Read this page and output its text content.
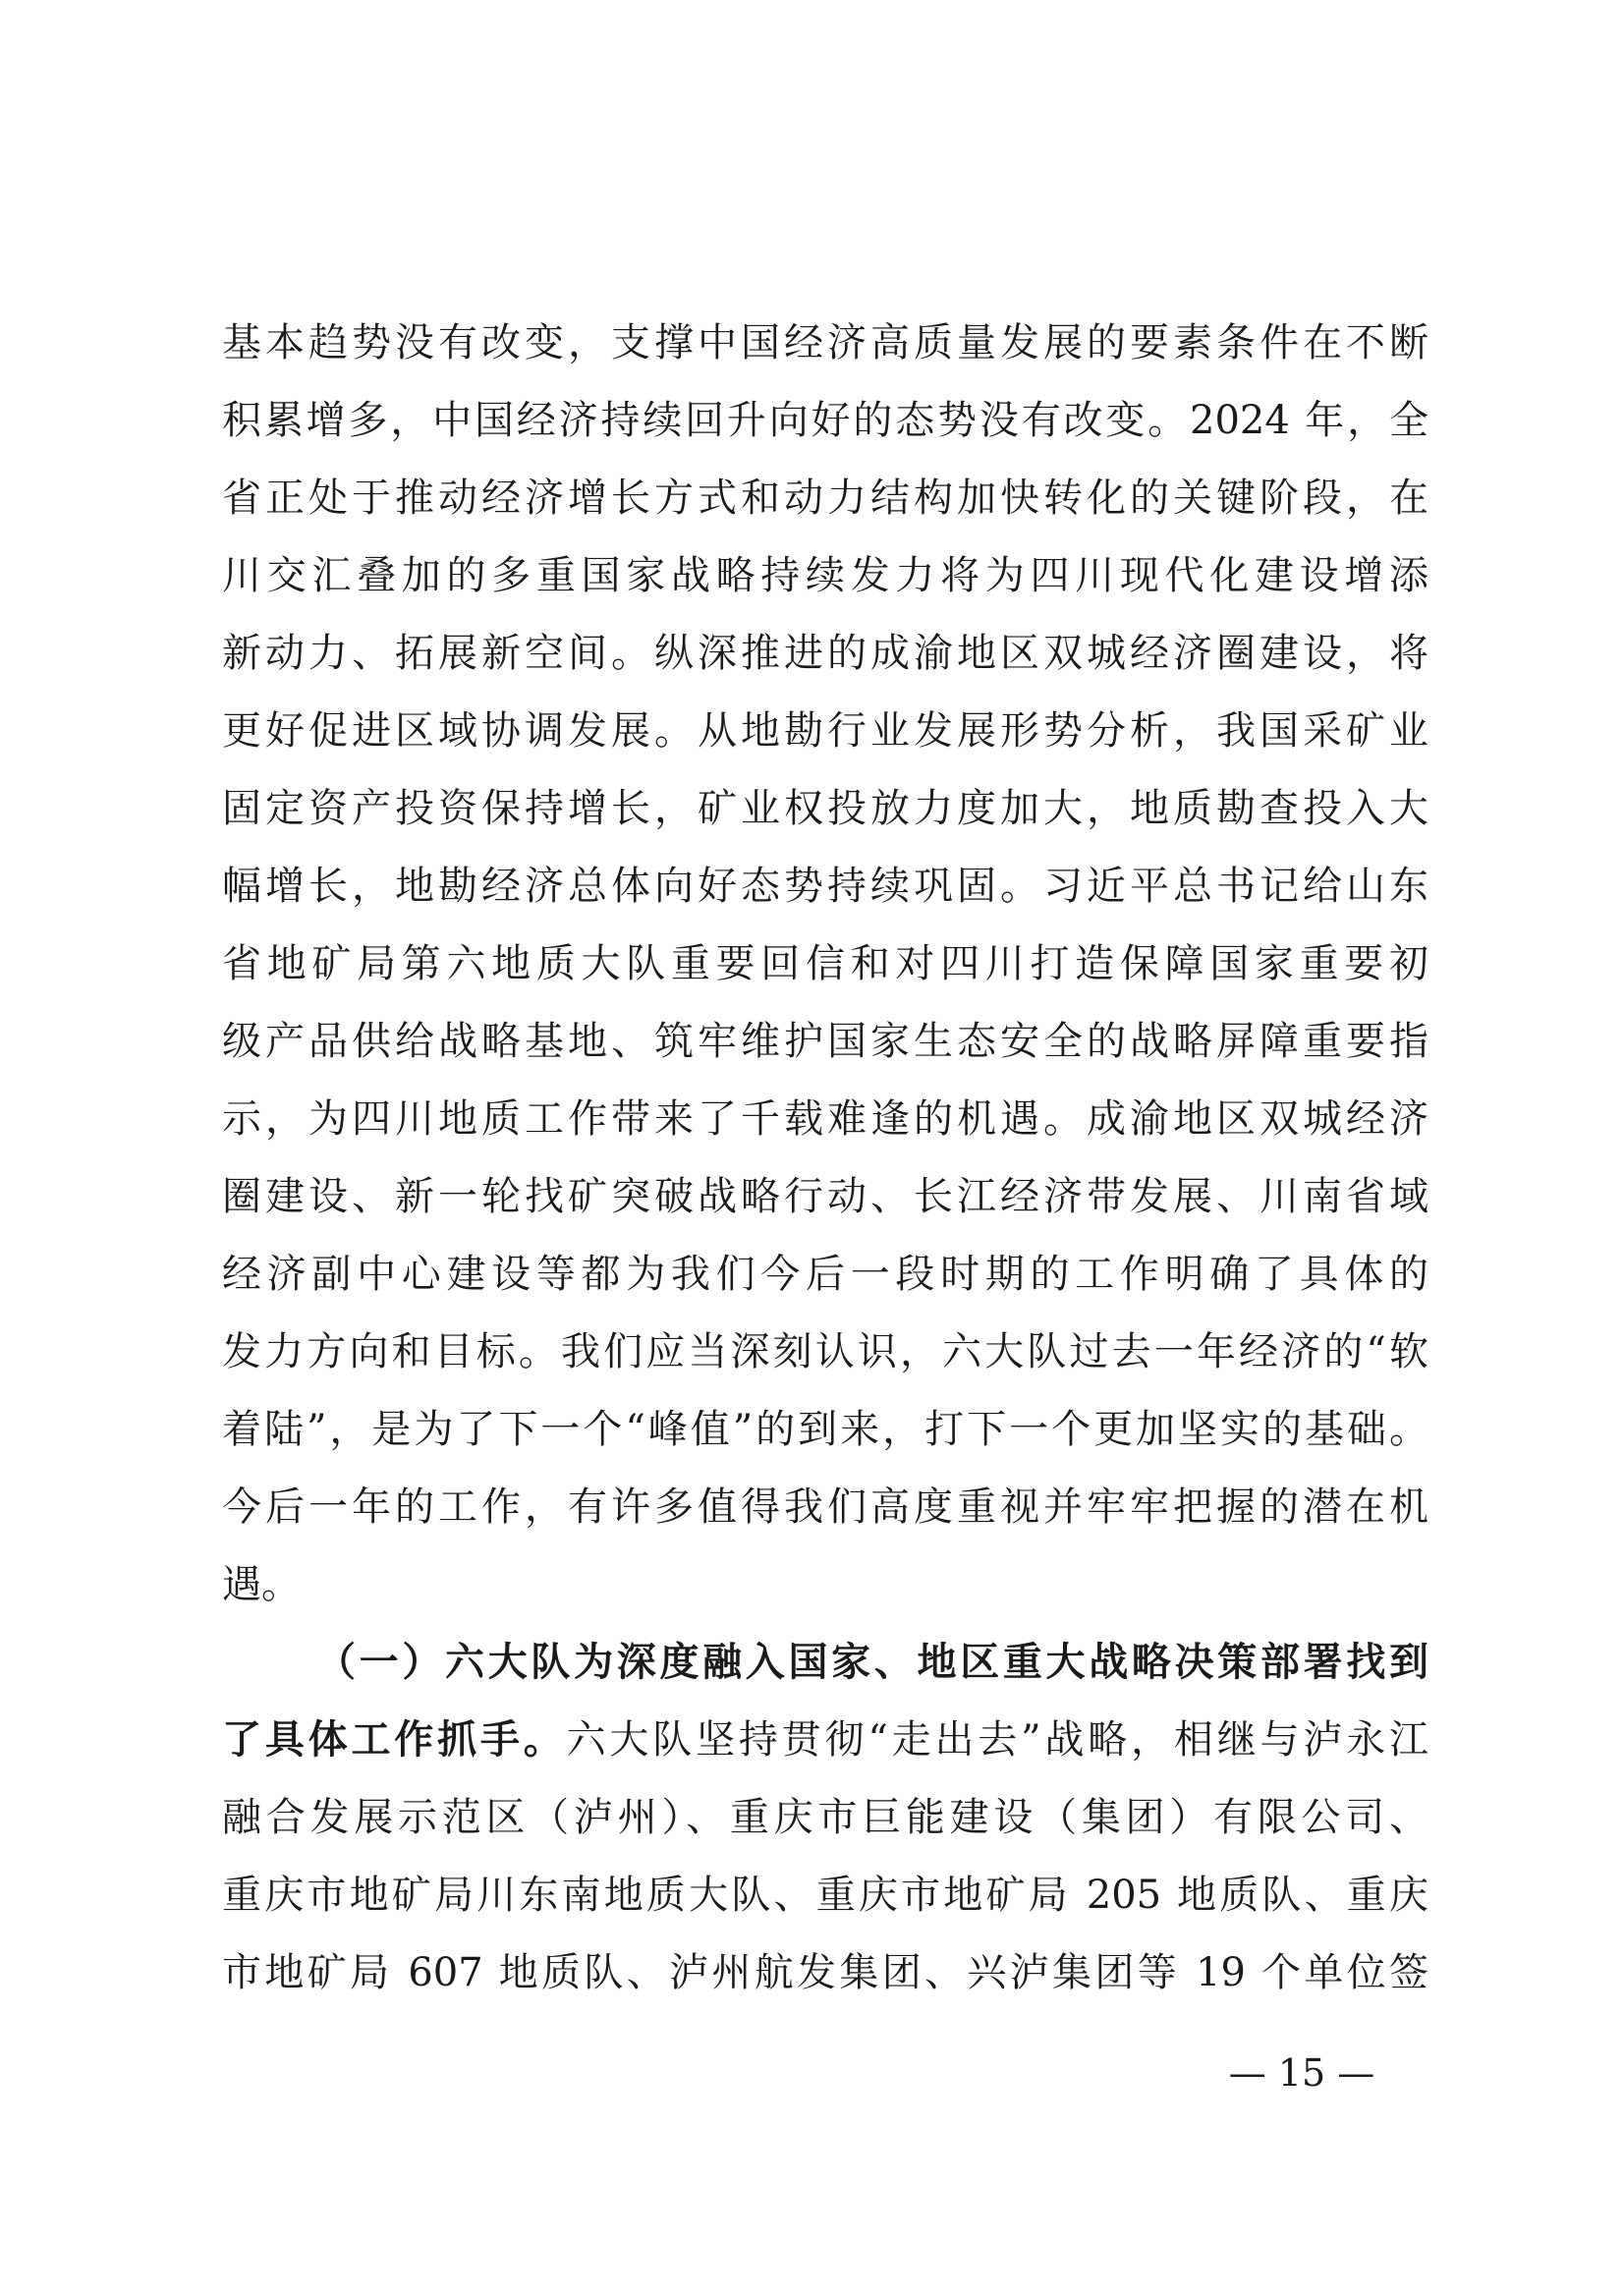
基本趋势没有改变，支撑中国经济高质量发展的要素条件在不断
积累增多，中国经济持续回升向好的态势没有改变。2024 年，全
省正处于推动经济增长方式和动力结构加快转化的关键阶段，在
川交汇叠加的多重国家战略持续发力将为四川现代化建设增添
新动力、拓展新空间。纵深推进的成渝地区双城经济圈建设，将
更好促进区域协调发展。从地勘行业发展形势分析，我国采矿业
固定资产投资保持增长，矿业权投放力度加大，地质勘查投入大
幅增长，地勘经济总体向好态势持续巩固。习近平总书记给山东
省地矿局第六地质大队重要回信和对四川打造保障国家重要初
级产品供给战略基地、筑牢维护国家生态安全的战略屏障重要指
示，为四川地质工作带来了千载难逢的机遇。成渝地区双城经济
圈建设、新一轮找矿突破战略行动、长江经济带发展、川南省域
经济副中心建设等都为我们今后一段时期的工作明确了具体的
发力方向和目标。我们应当深刻认识，六大队过去一年经济的“软
着陆”，是为了下一个“峰值”的到来，打下一个更加坚实的基础。
今后一年的工作，有许多值得我们高度重视并牢牢把握的潜在机
遇。
（一）六大队为深度融入国家、地区重大战略决策部署找到
了具体工作抓手。六大队坚持贯彻“走出去”战略，相继与泸永江
融合发展示范区（泸州）、重庆市巨能建设（集团）有限公司、
重庆市地矿局川东南地质大队、重庆市地矿局 205 地质队、重庆
市地矿局 607 地质队、泸州航发集团、兴泸集团等 19 个单位签
— 15 —
